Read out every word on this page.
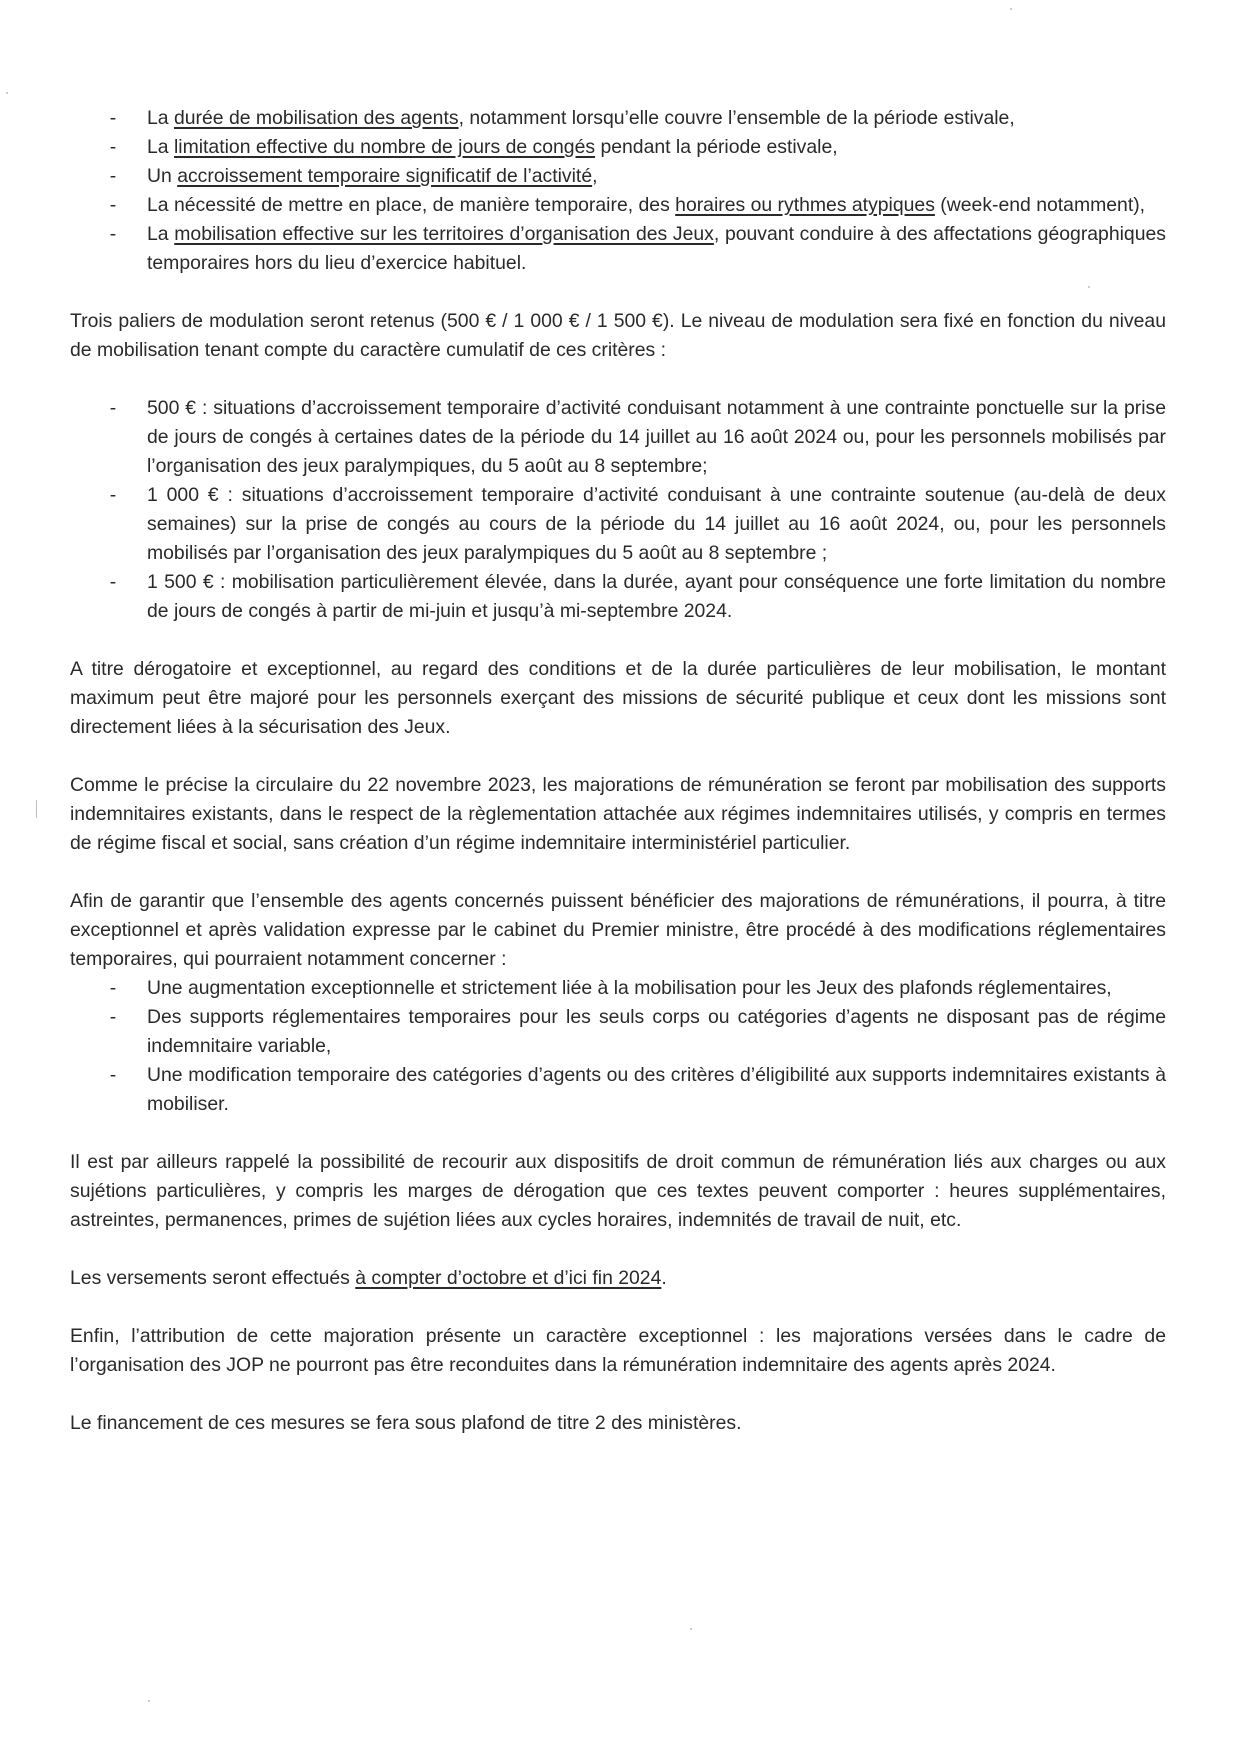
- La durée de mobilisation des agents, notamment lorsqu’elle couvre l’ensemble de la période estivale,
- La limitation effective du nombre de jours de congés pendant la période estivale,
- Un accroissement temporaire significatif de l’activité,
- La nécessité de mettre en place, de manière temporaire, des horaires ou rythmes atypiques (week-end notamment),
- La mobilisation effective sur les territoires d’organisation des Jeux, pouvant conduire à des affectations géographiques temporaires hors du lieu d’exercice habituel.

Trois paliers de modulation seront retenus (500 € / 1 000 € / 1 500 €). Le niveau de modulation sera fixé en fonction du niveau de mobilisation tenant compte du caractère cumulatif de ces critères :

- 500 € : situations d’accroissement temporaire d’activité conduisant notamment à une contrainte ponctuelle sur la prise de jours de congés à certaines dates de la période du 14 juillet au 16 août 2024 ou, pour les personnels mobilisés par l’organisation des jeux paralympiques, du 5 août au 8 septembre;
- 1 000 € : situations d’accroissement temporaire d’activité conduisant à une contrainte soutenue (au-delà de deux semaines) sur la prise de congés au cours de la période du 14 juillet au 16 août 2024, ou, pour les personnels mobilisés par l’organisation des jeux paralympiques du 5 août au 8 septembre ;
- 1 500 € : mobilisation particulièrement élevée, dans la durée, ayant pour conséquence une forte limitation du nombre de jours de congés à partir de mi-juin et jusqu’à mi-septembre 2024.

A titre dérogatoire et exceptionnel, au regard des conditions et de la durée particulières de leur mobilisation, le montant maximum peut être majoré pour les personnels exerçant des missions de sécurité publique et ceux dont les missions sont directement liées à la sécurisation des Jeux.

Comme le précise la circulaire du 22 novembre 2023, les majorations de rémunération se feront par mobilisation des supports indemnitaires existants, dans le respect de la règlementation attachée aux régimes indemnitaires utilisés, y compris en termes de régime fiscal et social, sans création d’un régime indemnitaire interministériel particulier.

Afin de garantir que l’ensemble des agents concernés puissent bénéficier des majorations de rémunérations, il pourra, à titre exceptionnel et après validation expresse par le cabinet du Premier ministre, être procédé à des modifications réglementaires temporaires, qui pourraient notamment concerner :

- Une augmentation exceptionnelle et strictement liée à la mobilisation pour les Jeux des plafonds réglementaires,
- Des supports réglementaires temporaires pour les seuls corps ou catégories d’agents ne disposant pas de régime indemnitaire variable,
- Une modification temporaire des catégories d’agents ou des critères d’éligibilité aux supports indemnitaires existants à mobiliser.

Il est par ailleurs rappelé la possibilité de recourir aux dispositifs de droit commun de rémunération liés aux charges ou aux sujétions particulières, y compris les marges de dérogation que ces textes peuvent comporter : heures supplémentaires, astreintes, permanences, primes de sujétion liées aux cycles horaires, indemnités de travail de nuit, etc.

Les versements seront effectués à compter d’octobre et d’ici fin 2024.

Enfin, l’attribution de cette majoration présente un caractère exceptionnel : les majorations versées dans le cadre de l’organisation des JOP ne pourront pas être reconduites dans la rémunération indemnitaire des agents après 2024.

Le financement de ces mesures se fera sous plafond de titre 2 des ministères.
